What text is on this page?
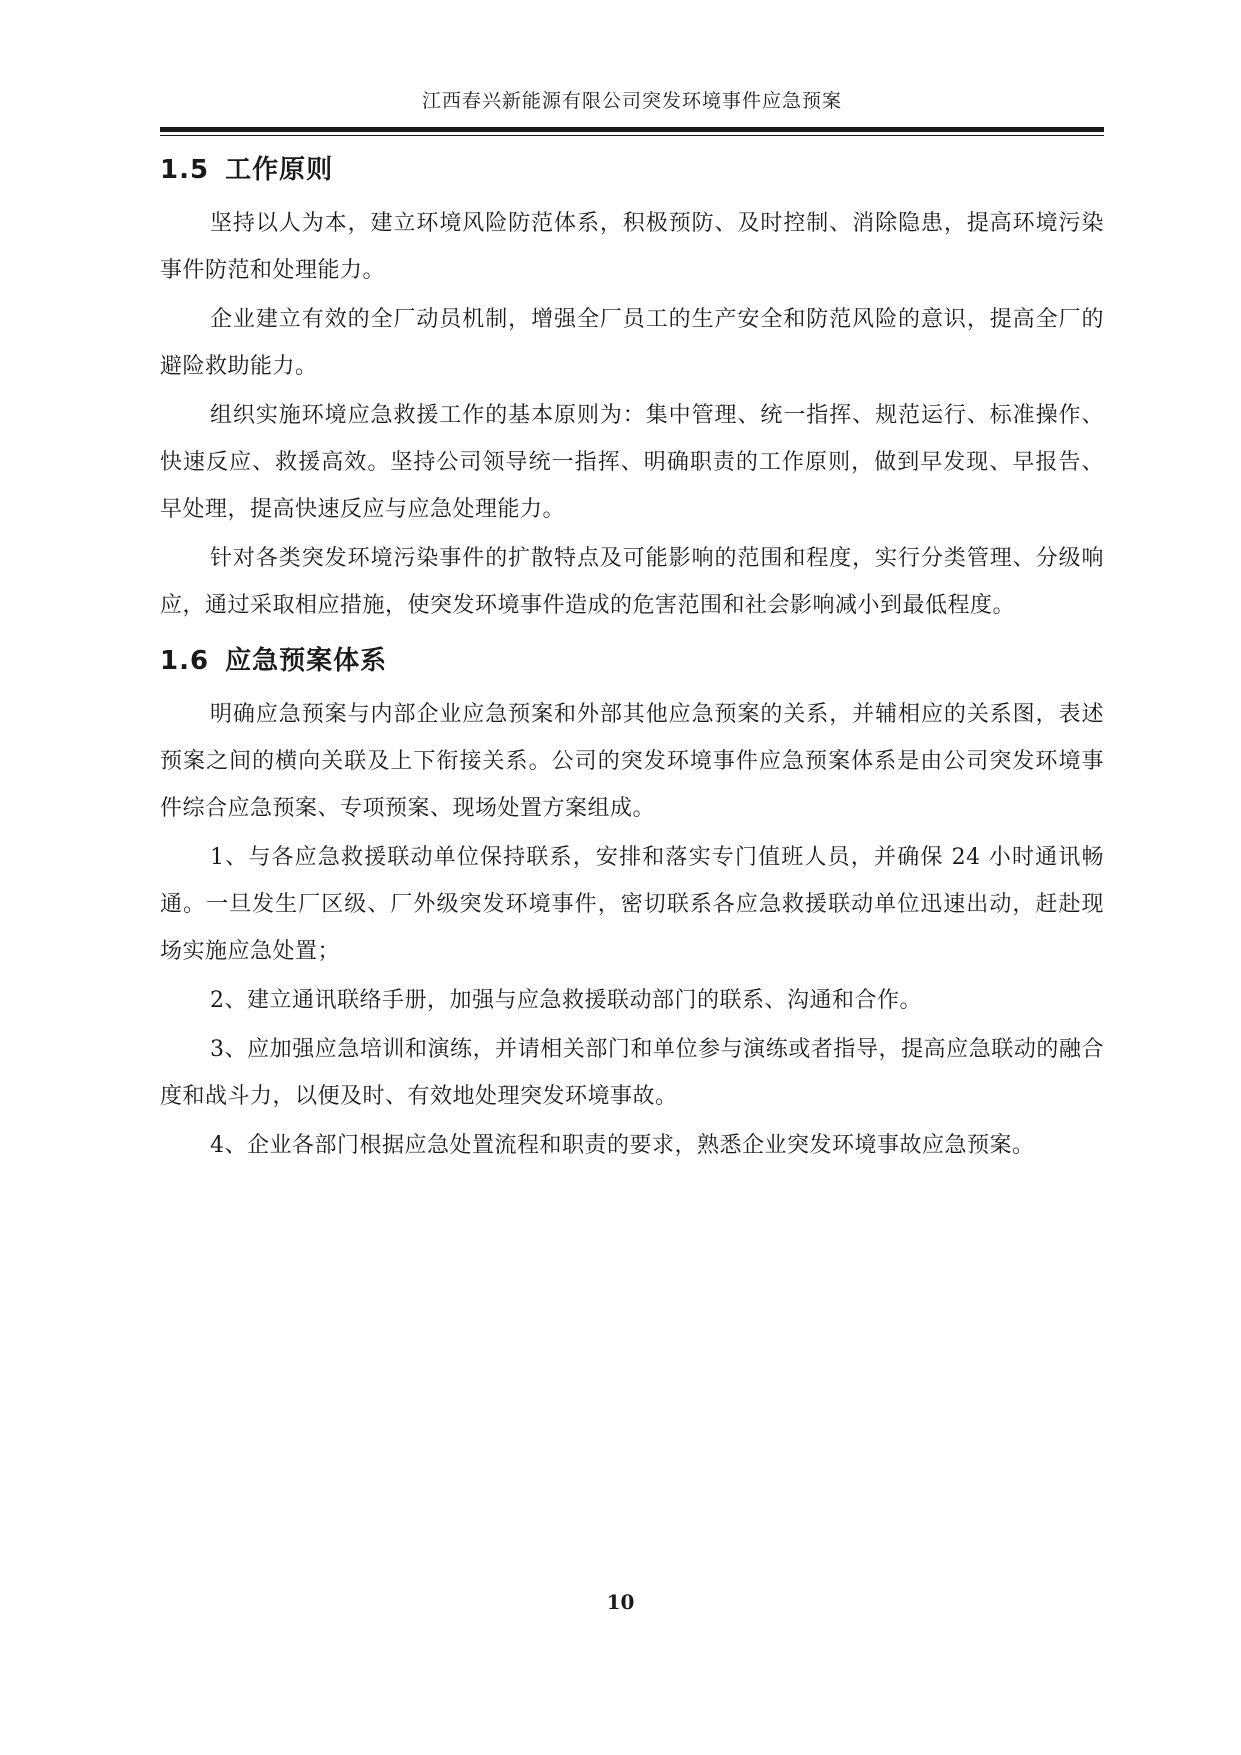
江西春兴新能源有限公司突发环境事件应急预案
1.5 工作原则

坚持以人为本，建立环境风险防范体系，积极预防、及时控制、消除隐患，提高环境污染事件防范和处理能力。

企业建立有效的全厂动员机制，增强全厂员工的生产安全和防范风险的意识，提高全厂的避险救助能力。

组织实施环境应急救援工作的基本原则为：集中管理、统一指挥、规范运行、标准操作、快速反应、救援高效。坚持公司领导统一指挥、明确职责的工作原则，做到早发现、早报告、早处理，提高快速反应与应急处理能力。

针对各类突发环境污染事件的扩散特点及可能影响的范围和程度，实行分类管理、分级响应，通过采取相应措施，使突发环境事件造成的危害范围和社会影响减小到最低程度。

1.6 应急预案体系

明确应急预案与内部企业应急预案和外部其他应急预案的关系，并辅相应的关系图，表述预案之间的横向关联及上下衔接关系。公司的突发环境事件应急预案体系是由公司突发环境事件综合应急预案、专项预案、现场处置方案组成。

1、与各应急救援联动单位保持联系，安排和落实专门值班人员，并确保 24 小时通讯畅通。一旦发生厂区级、厂外级突发环境事件，密切联系各应急救援联动单位迅速出动，赶赴现场实施应急处置；

2、建立通讯联络手册，加强与应急救援联动部门的联系、沟通和合作。

3、应加强应急培训和演练，并请相关部门和单位参与演练或者指导，提高应急联动的融合度和战斗力，以便及时、有效地处理突发环境事故。

4、企业各部门根据应急处置流程和职责的要求，熟悉企业突发环境事故应急预案。

10
